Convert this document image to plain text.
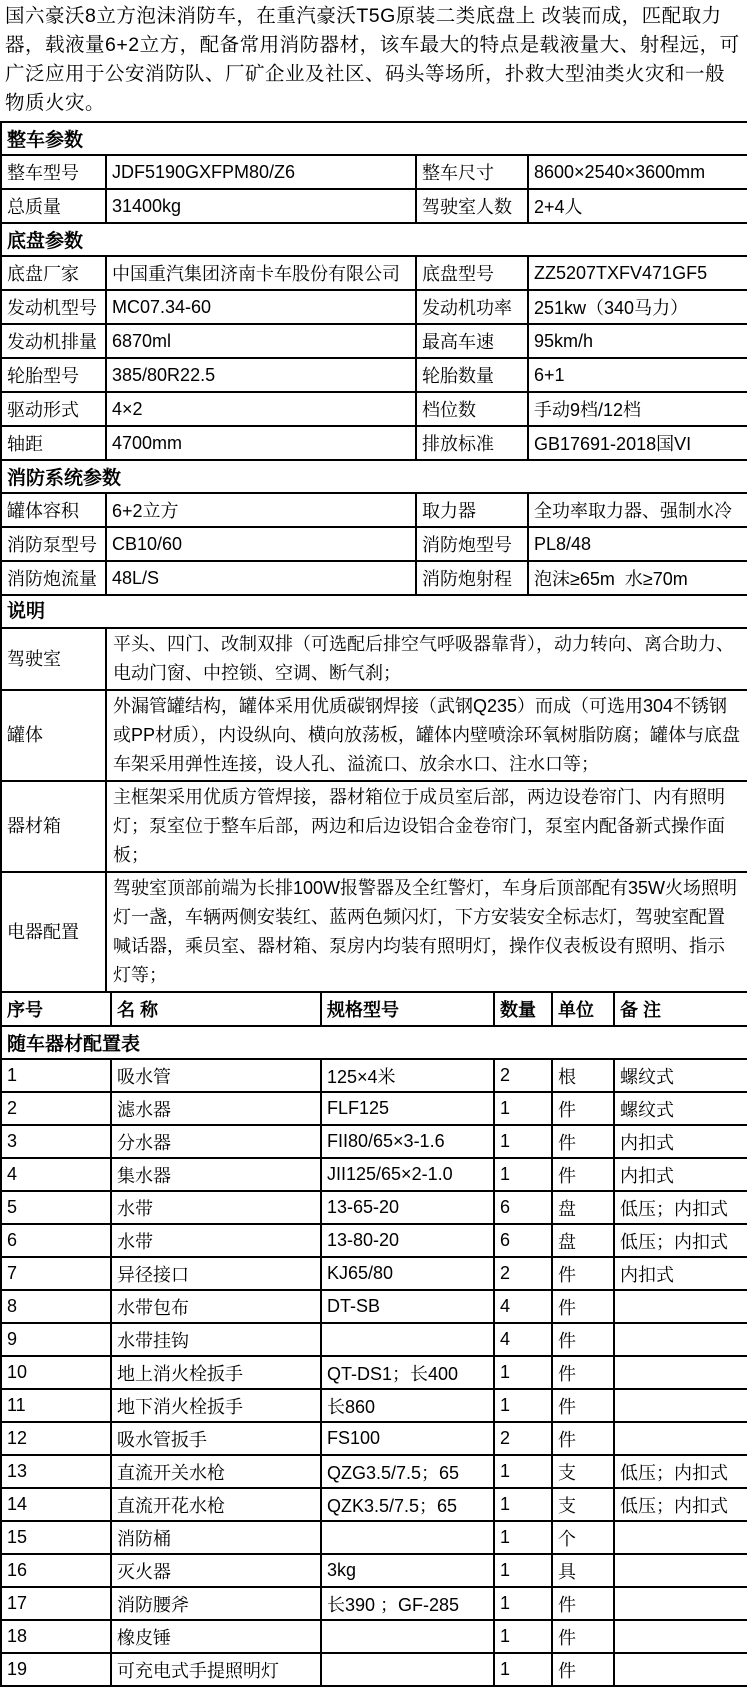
国六豪沃8立方泡沫消防车，在重汽豪沃T5G原装二类底盘上 改装而成，匹配取力器，载液量6+2立方，配备常用消防器材，该车最大的特点是载液量大、射程远，可广泛应用于公安消防队、厂矿企业及社区、码头等场所，扑救大型油类火灾和一般物质火灾。
整车参数			
整车型号	JDF5190GXFPM80/Z6	整车尺寸	8600×2540×3600mm
总质量	31400kg	驾驶室人数	2+4人
底盘参数			
底盘厂家	中国重汽集团济南卡车股份有限公司	底盘型号	ZZ5207TXFV471GF5
发动机型号	MC07.34-60	发动机功率	251kw（340马力）
发动机排量	6870ml	最高车速	95km/h
轮胎型号	385/80R22.5	轮胎数量	6+1
驱动形式	4×2	档位数	手动9档/12档
轴距	4700mm	排放标准	GB17691-2018国VI
消防系统参数			
罐体容积	6+2立方	取力器	全功率取力器、强制水冷
消防泵型号	CB10/60	消防炮型号	PL8/48
消防炮流量	48L/S	消防炮射程	泡沫≥65m  水≥70m
说明	
驾驶室	平头、四门、改制双排（可选配后排空气呼吸器靠背），动力转向、离合助力、电动门窗、中控锁、空调、断气刹；
罐体	外漏管罐结构，罐体采用优质碳钢焊接（武钢Q235）而成（可选用304不锈钢或PP材质），内设纵向、横向放荡板，罐体内壁喷涂环氧树脂防腐；罐体与底盘车架采用弹性连接，设人孔、溢流口、放余水口、注水口等；
器材箱	主框架采用优质方管焊接，器材箱位于成员室后部，两边设卷帘门、内有照明灯；泵室位于整车后部，两边和后边设铝合金卷帘门，泵室内配备新式操作面板；
电器配置	驾驶室顶部前端为长排100W报警器及全红警灯，车身后顶部配有35W火场照明灯一盏，车辆两侧安装红、蓝两色频闪灯，下方安装安全标志灯，驾驶室配置喊话器，乘员室、器材箱、泵房内均装有照明灯，操作仪表板设有照明、指示灯等；
随车器材配置表					
序号	名 称	规格型号	数量	单位	备 注
1	吸水管	125×4米	2	根	螺纹式
2	滤水器	FLF125	1	件	螺纹式
3	分水器	FII80/65×3-1.6	1	件	内扣式
4	集水器	JII125/65×2-1.0	1	件	内扣式
5	水带	13-65-20	6	盘	低压；内扣式
6	水带	13-80-20	6	盘	低压；内扣式
7	异径接口	KJ65/80	2	件	内扣式
8	水带包布	DT-SB	4	件	
9	水带挂钩		4	件	
10	地上消火栓扳手	QT-DS1；长400	1	件	
11	地下消火栓扳手	长860	1	件	
12	吸水管扳手	FS100	2	件	
13	直流开关水枪	QZG3.5/7.5；65	1	支	低压；内扣式
14	直流开花水枪	QZK3.5/7.5；65	1	支	低压；内扣式
15	消防桶		1	个	
16	灭火器	3kg	1	具	
17	消防腰斧	长390 ；GF-285	1	件	
18	橡皮锤		1	件	
19	可充电式手提照明灯		1	件	
